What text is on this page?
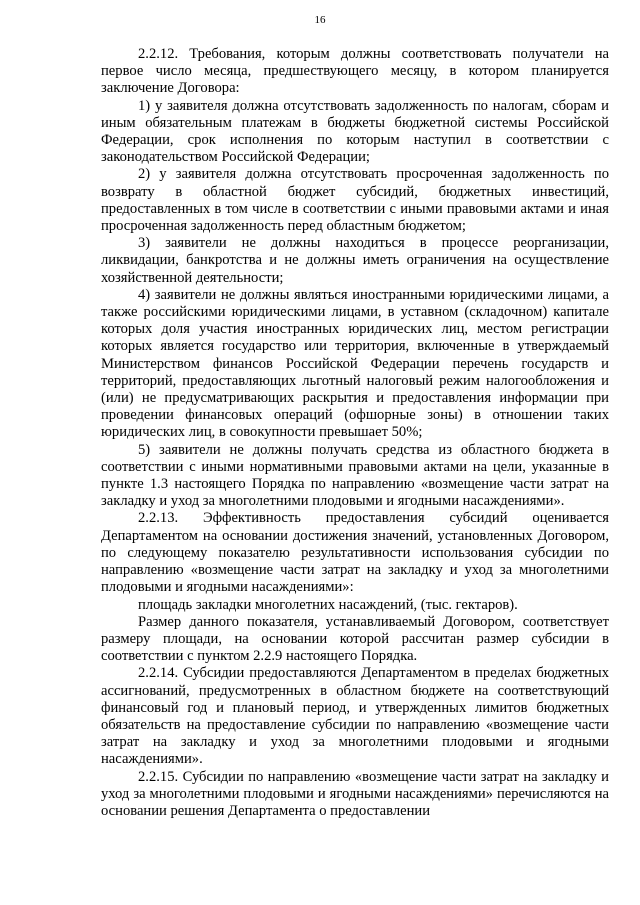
16

2.2.12. Требования, которым должны соответствовать получатели на первое число месяца, предшествующего месяцу, в котором планируется заключение Договора:

1) у заявителя должна отсутствовать задолженность по налогам, сборам и иным обязательным платежам в бюджеты бюджетной системы Российской Федерации, срок исполнения по которым наступил в соответствии с законодательством Российской Федерации;

2) у заявителя должна отсутствовать просроченная задолженность по возврату в областной бюджет субсидий, бюджетных инвестиций, предоставленных в том числе в соответствии с иными правовыми актами и иная просроченная задолженность перед областным бюджетом;

3) заявители не должны находиться в процессе реорганизации, ликвидации, банкротства и не должны иметь ограничения на осуществление хозяйственной деятельности;

4) заявители не должны являться иностранными юридическими лицами, а также российскими юридическими лицами, в уставном (складочном) капитале которых доля участия иностранных юридических лиц, местом регистрации которых является государство или территория, включенные в утверждаемый Министерством финансов Российской Федерации перечень государств и территорий, предоставляющих льготный налоговый режим налогообложения и (или) не предусматривающих раскрытия и предоставления информации при проведении финансовых операций (офшорные зоны) в отношении таких юридических лиц, в совокупности превышает 50%;

5) заявители не должны получать средства из областного бюджета в соответствии с иными нормативными правовыми актами на цели, указанные в пункте 1.3 настоящего Порядка по направлению «возмещение части затрат на закладку и уход за многолетними плодовыми и ягодными насаждениями».

2.2.13. Эффективность предоставления субсидий оценивается Департаментом на основании достижения значений, установленных Договором, по следующему показателю результативности использования субсидии по направлению «возмещение части затрат на закладку и уход за многолетними плодовыми и ягодными насаждениями»:

площадь закладки многолетних насаждений, (тыс. гектаров).

Размер данного показателя, устанавливаемый Договором, соответствует размеру площади, на основании которой рассчитан размер субсидии в соответствии с пунктом 2.2.9 настоящего Порядка.

2.2.14. Субсидии предоставляются Департаментом в пределах бюджетных ассигнований, предусмотренных в областном бюджете на соответствующий финансовый год и плановый период, и утвержденных лимитов бюджетных обязательств на предоставление субсидии по направлению «возмещение части затрат на закладку и уход за многолетними плодовыми и ягодными насаждениями».

2.2.15. Субсидии по направлению «возмещение части затрат на закладку и уход за многолетними плодовыми и ягодными насаждениями» перечисляются на основании решения Департамента о предоставлении
